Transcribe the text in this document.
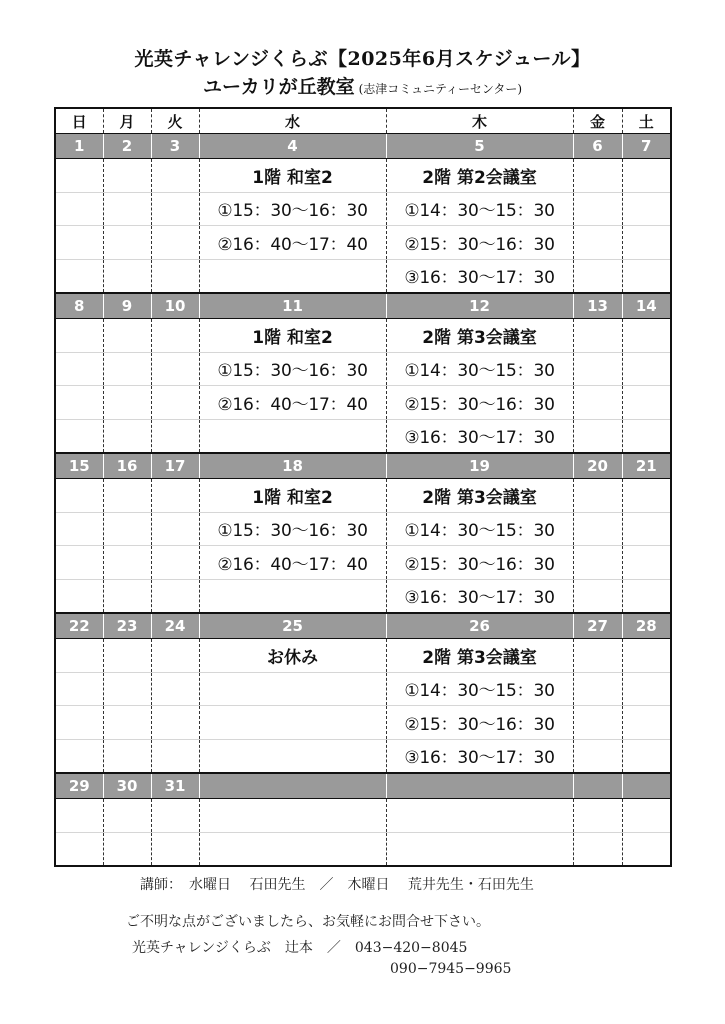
光英チャレンジくらぶ【2025年6月スケジュール】
ユーカリが丘教室 (志津コミュニティーセンター)
日	月	火	水	木	金	土
1	2	3	4	5	6	7
			1階 和室2	2階 第2会議室		
			①15：30〜16：30	①14：30〜15：30		
			②16：40〜17：40	②15：30〜16：30		
				③16：30〜17：30		
8	9	10	11	12	13	14
			1階 和室2	2階 第3会議室		
			①15：30〜16：30	①14：30〜15：30		
			②16：40〜17：40	②15：30〜16：30		
				③16：30〜17：30		
15	16	17	18	19	20	21
			1階 和室2	2階 第3会議室		
			①15：30〜16：30	①14：30〜15：30		
			②16：40〜17：40	②15：30〜16：30		
				③16：30〜17：30		
22	23	24	25	26	27	28
			お休み	2階 第3会議室		
				①14：30〜15：30		
				②15：30〜16：30		
				③16：30〜17：30		
29	30	31				

講師：　水曜日　 石田先生　／　木曜日　 荒井先生・石田先生
ご不明な点がございましたら、お気軽にお問合せ下さい。
光英チャレンジくらぶ　辻本　／　043−420−8045
090−7945−9965
